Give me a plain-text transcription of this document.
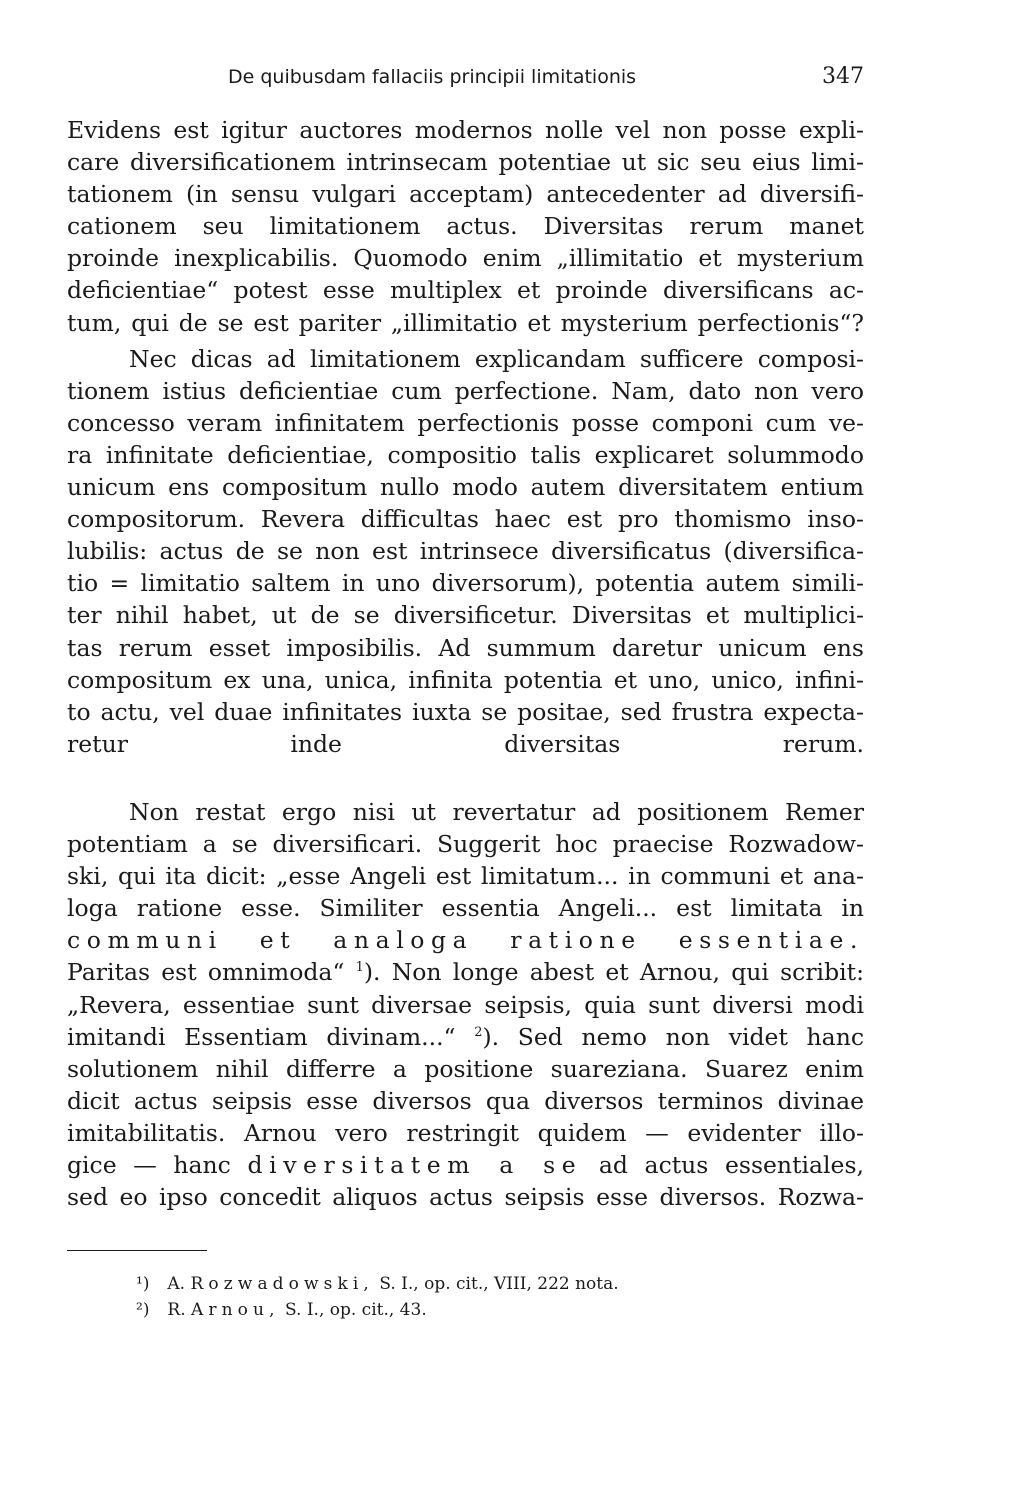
De quibusdam fallaciis principii limitationis	347
Evidens est igitur auctores modernos nolle vel non posse expli-
care diversificationem intrinsecam potentiae ut sic seu eius limi-
tationem (in sensu vulgari acceptam) antecedenter ad diversifi-
cationem seu limitationem actus. Diversitas rerum manet
proinde inexplicabilis. Quomodo enim „illimitatio et mysterium
deficientiae“ potest esse multiplex et proinde diversificans ac-
tum, qui de se est pariter „illimitatio et mysterium perfectionis“?
Nec dicas ad limitationem explicandam sufficere composi-
tionem istius deficientiae cum perfectione. Nam, dato non vero
concesso veram infinitatem perfectionis posse componi cum ve-
ra infinitate deficientiae, compositio talis explicaret solummodo
unicum ens compositum nullo modo autem diversitatem entium
compositorum. Revera difficultas haec est pro thomismo inso-
lubilis: actus de se non est intrinsece diversificatus (diversifica-
tio = limitatio saltem in uno diversorum), potentia autem simili-
ter nihil habet, ut de se diversificetur. Diversitas et multiplici-
tas rerum esset imposibilis. Ad summum daretur unicum ens
compositum ex una, unica, infinita potentia et uno, unico, infini-
to actu, vel duae infinitates iuxta se positae, sed frustra expecta-
retur inde diversitas rerum.
Non restat ergo nisi ut revertatur ad positionem Remer
potentiam a se diversificari. Suggerit hoc praecise Rozwadow-
ski, qui ita dicit: „esse Angeli est limitatum... in communi et ana-
loga ratione esse. Similiter essentia Angeli... est limitata in
communi et analoga ratione essentiae.
Paritas est omnimoda“ $^1$). Non longe abest et Arnou, qui scribit:
„Revera, essentiae sunt diversae seipsis, quia sunt diversi modi
imitandi Essentiam divinam...“ $^2$). Sed nemo non videt hanc
solutionem nihil differre a positione suareziana. Suarez enim
dicit actus seipsis esse diversos qua diversos terminos divinae
imitabilitatis. Arnou vero restringit quidem — evidenter illo-
gice — hanc diversitatem a se ad actus essentiales,
sed eo ipso concedit aliquos actus seipsis esse diversos. Rozwa-
¹) A. Rozwadowski, S. I., op. cit., VIII, 222 nota.
²) R. Arnou, S. I., op. cit., 43.
